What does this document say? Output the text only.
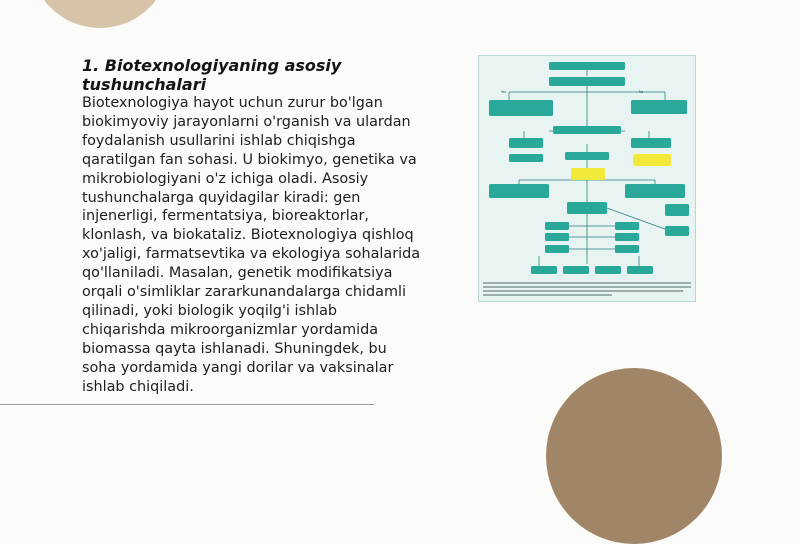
1. Biotexnologiyaning asosiy tushunchalari
Biotexnologiya hayot uchun zurur bo'lgan biokimyoviy jarayonlarni o'rganish va ulardan foydalanish usullarini ishlab chiqishga qaratilgan fan sohasi. U biokimyo, genetika va mikrobiologiyani o'z ichiga oladi. Asosiy tushunchalarga quyidagilar kiradi: gen injenerligi, fermentatsiya, bioreaktorlar, klonlash, va biokataliz. Biotexnologiya qishloq xo'jaligi, farmatsevtika va ekologiya sohalarida qo'llaniladi. Masalan, genetik modifikatsiya orqali o'simliklar zararkunandalarga chidamli qilinadi, yoki biologik yoqilg'i ishlab chiqarishda mikroorganizmlar yordamida biomassa qayta ishlanadi. Shuningdek, bu soha yordamida yangi dorilar va vaksinalar ishlab chiqiladi.
Yes	No
